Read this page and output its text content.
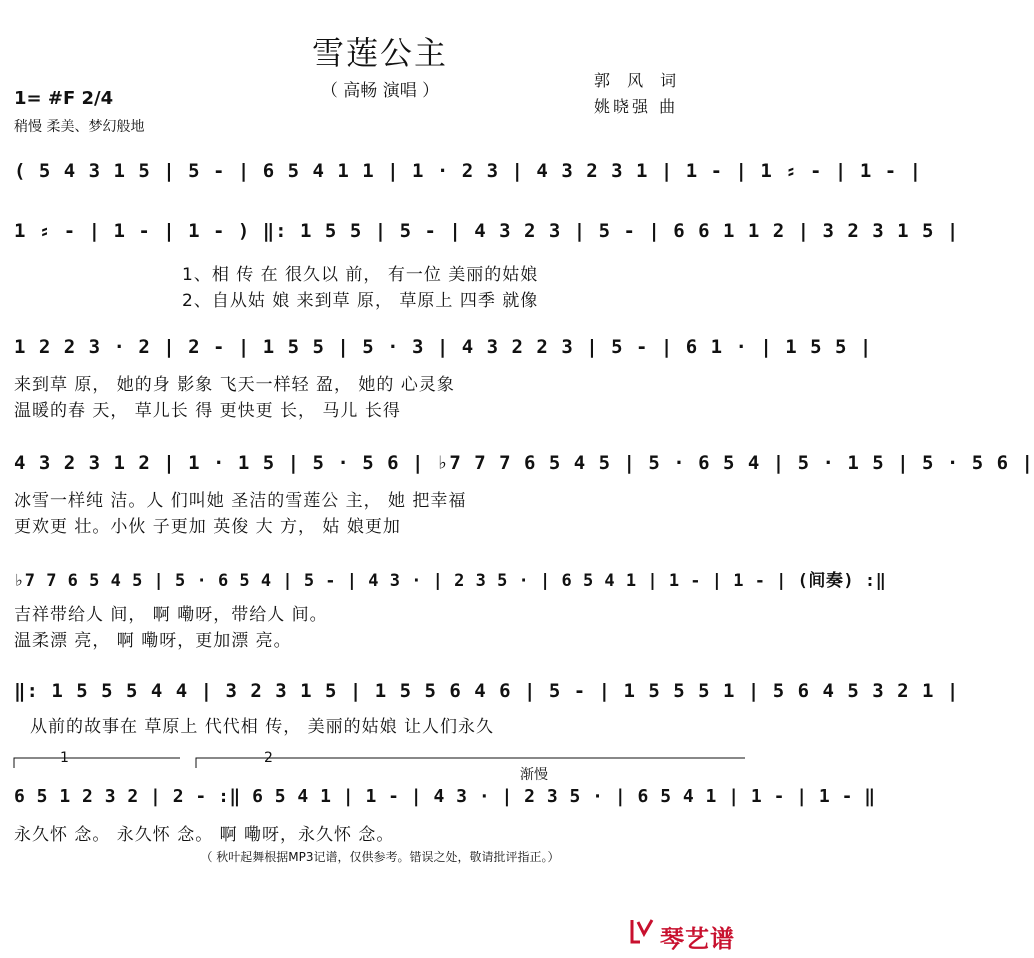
雪莲公主
（ 高畅 演唱 ）
郭 风 词
姚晓强 曲
1= #F 2/4
稍慢 柔美、梦幻般地
( 5 4 3 1 5 | 5 - | 6 5 4 1 1 | 1 · 2 3 | 4 3 2 3 1 | 1 - | 1 ⸗ - | 1 - |
1 ⸗ - | 1 - | 1 - ) ‖: 1 5 5 | 5 - | 4 3 2 3 | 5 - | 6 6 1 1 2 | 3 2 3 1 5 |
1、相 传 在 很久以 前， 有一位 美丽的姑娘
2、自从姑 娘 来到草 原， 草原上 四季 就像
1 2 2 3 · 2 | 2 - | 1 5 5 | 5 · 3 | 4 3 2 2 3 | 5 - | 6 1 · | 1 5 5 |
来到草 原， 她的身 影象 飞天一样轻 盈， 她的 心灵象
温暖的春 天， 草儿长 得 更快更 长， 马儿 长得
4 3 2 3 1 2 | 1 · 1 5 | 5 · 5 6 | ♭7 7 7 6 5 4 5 | 5 · 6 5 4 | 5 · 1 5 | 5 · 5 6 |
冰雪一样纯 洁。人 们叫她 圣洁的雪莲公 主， 她 把幸福
更欢更 壮。小伙 子更加 英俊 大 方， 姑 娘更加
♭7 7 6 5 4 5 | 5 · 6 5 4 | 5 - | 4 3 · | 2 3 5 · | 6 5 4 1 | 1 - | 1 - | (间奏) :‖
吉祥带给人 间， 啊 嘞呀，带给人 间。
温柔漂 亮， 啊 嘞呀，更加漂 亮。
‖: 1 5 5 5 4 4 | 3 2 3 1 5 | 1 5 5 6 4 6 | 5 - | 1 5 5 5 1 | 5 6 4 5 3 2 1 |
从前的故事在 草原上 代代相 传， 美丽的姑娘 让人们永久
1	2
渐慢
6 5 1 2 3 2 | 2 - :‖ 6 5 4 1 | 1 - | 4 3 · | 2 3 5 · | 6 5 4 1 | 1 - | 1 - ‖
永久怀 念。 永久怀 念。 啊 嘞呀，永久怀 念。
（ 秋叶起舞根据MP3记谱，仅供参考。错误之处，敬请批评指正。）
琴艺谱
